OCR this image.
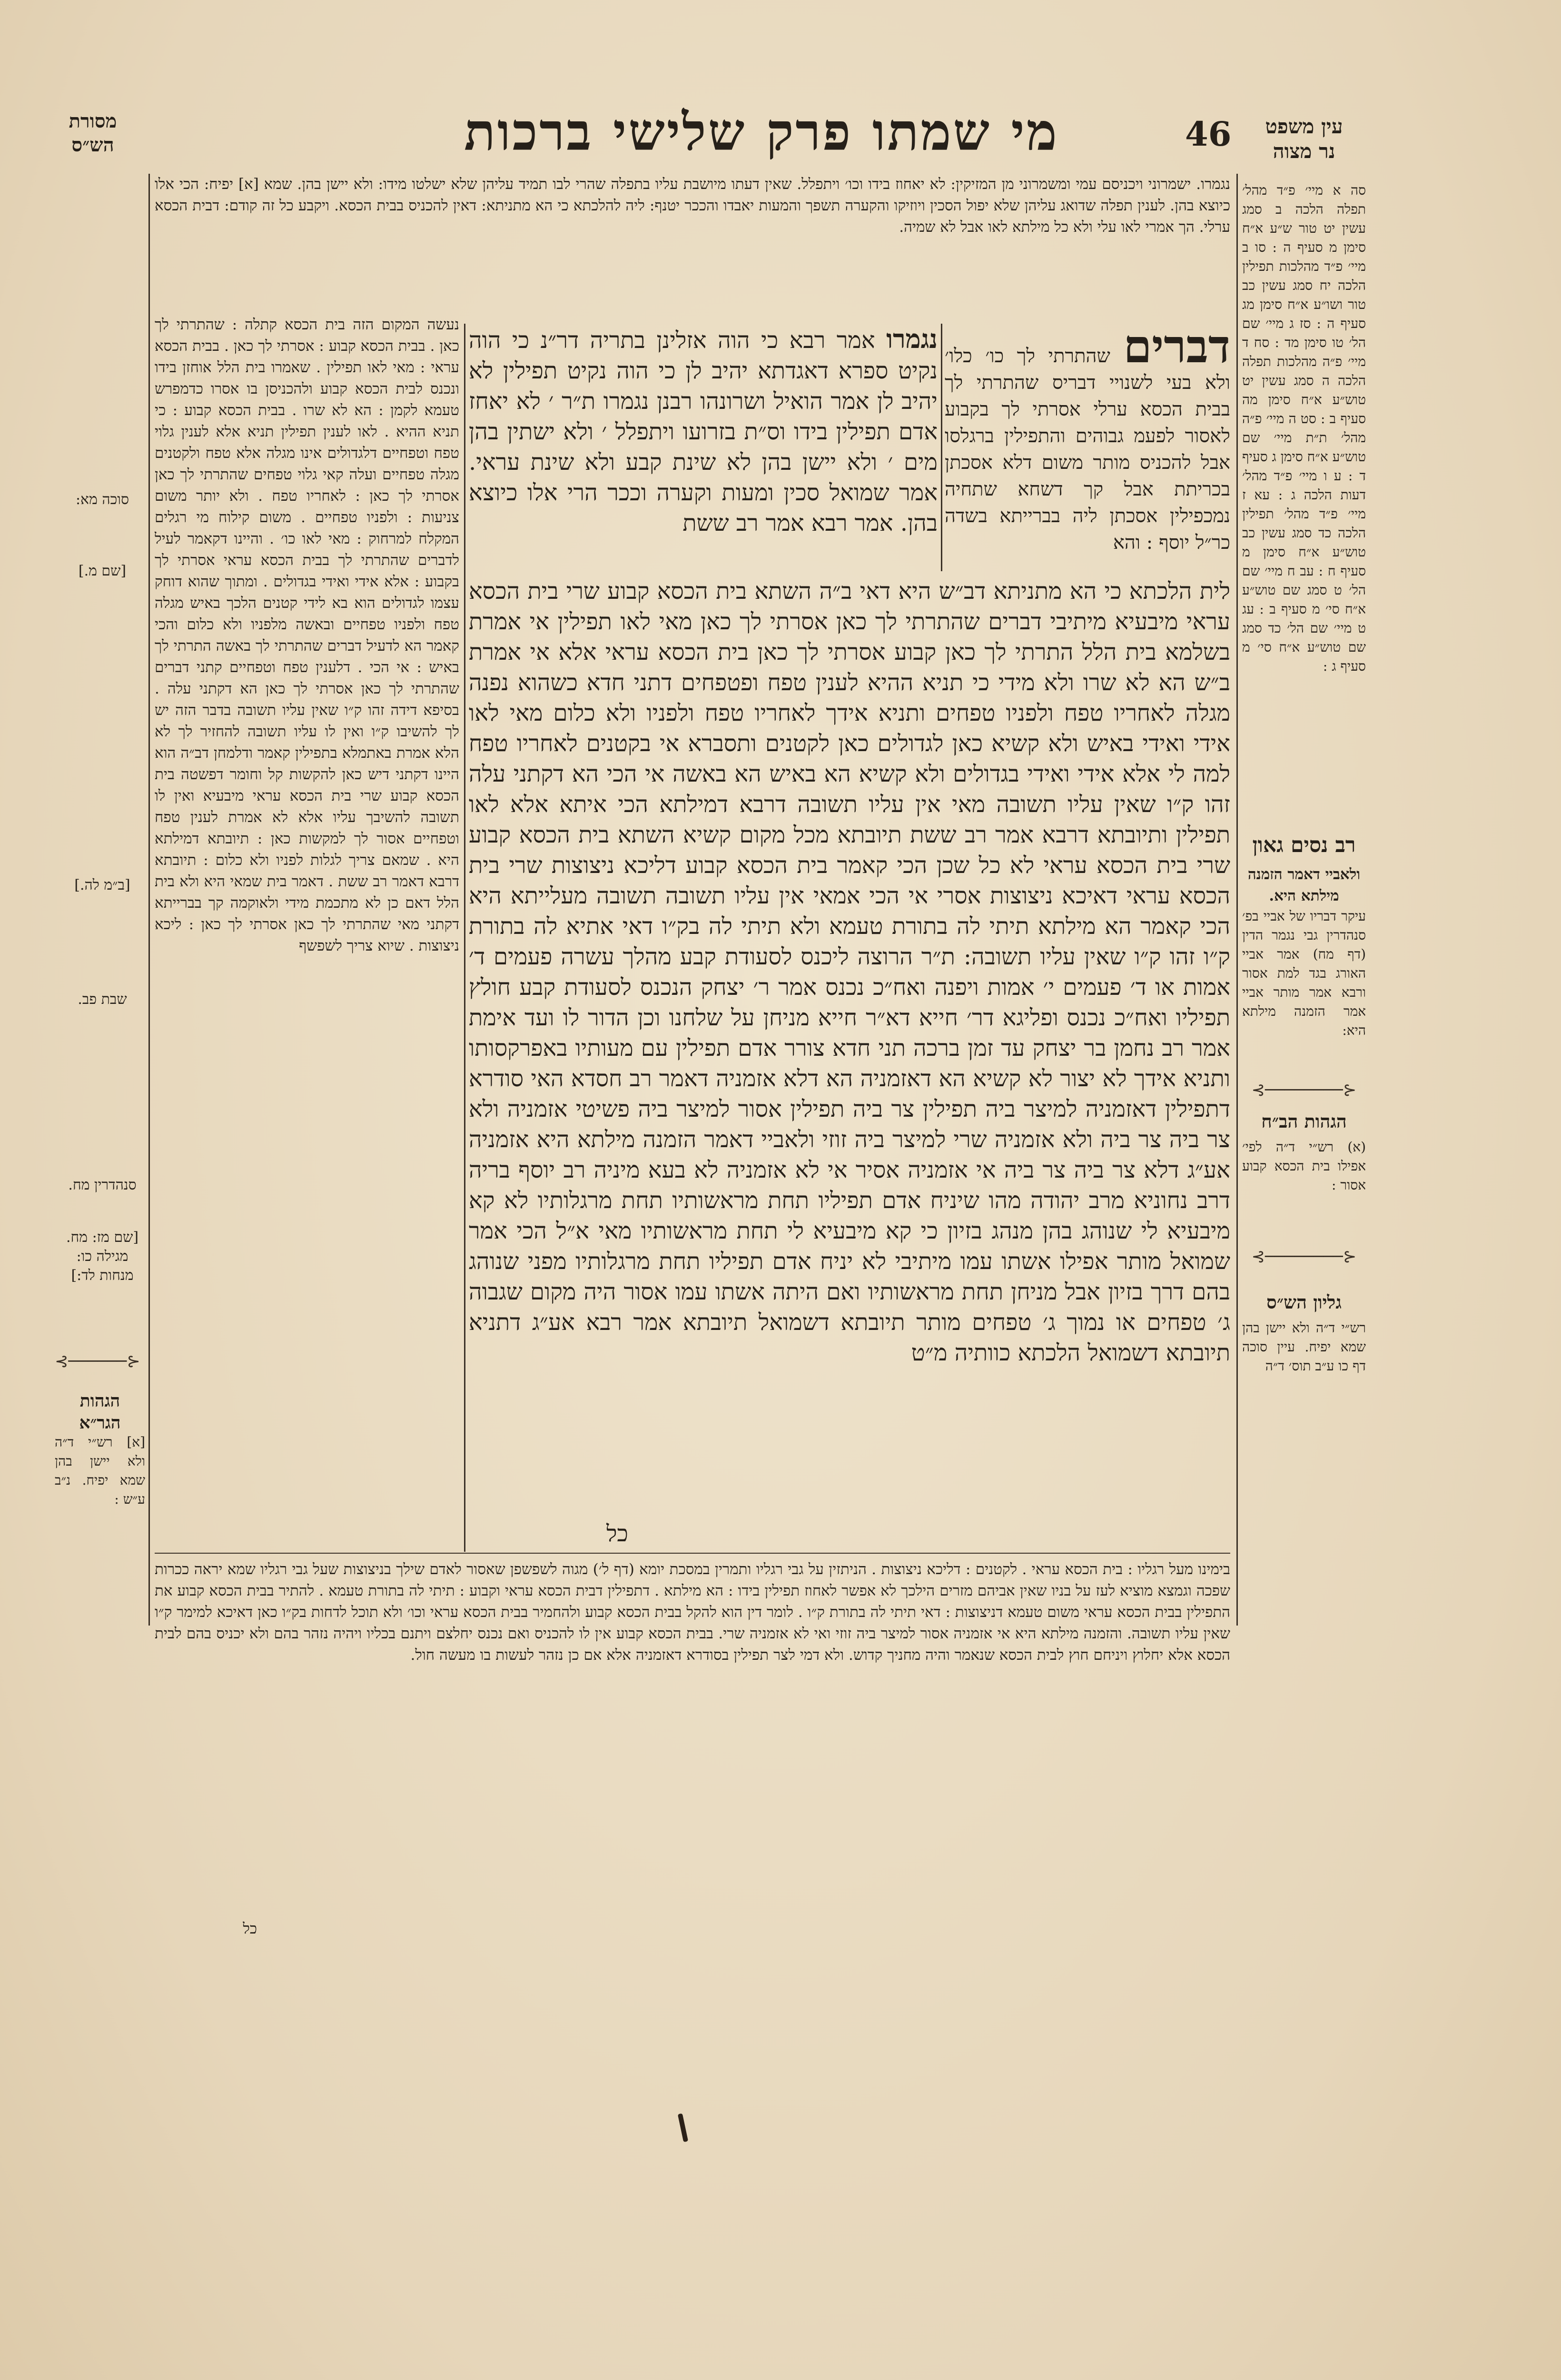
מסורת
הש״ס	מי שמתו פרק שלישי ברכות	46	עין משפט
נר מצוה
נגמרו. ישמרוני ויכניסם עמי ומשמרוני מן המזיקין: לא יאחוז בידו וכו׳ ויתפלל. שאין דעתו מיושבת עליו בתפלה שהרי לבו תמיד עליהן שלא ישלטו מידו: ולא יישן בהן. שמא [א] יפיח: הכי אלו כיוצא בהן. לענין תפלה שדואג עליהן שלא יפול הסכין ויוזיקו והקערה תשפך והמעות יאבדו והככר יטנף: ליה להלכתא כי הא מתניתא: דאין להכניס בבית הכסא. ויקבע כל זה קודם: דבית הכסא ערלי. הך אמרי לאו עלי ולא כל מילתא לאו אבל לא שמיה.
דברים שהתרתי לך כו׳ כלו׳ ולא בעי לשנויי דבריס שהתרתי לך בבית הכסא ערלי אסרתי לך בקבוע לאסור לפעמ גבוהים והתפילין ברגלסו אבל להכניס מותר משום דלא אסכתן בכריתת אבל קך דשחא שתחיה נמכפילין אסכתן ליה בברייתא בשדה כר״ל יוסף : והא
נגמרו אמר רבא כי הוה אזלינן בתריה דר״נ כי הוה נקיט ספרא דאגדתא יהיב לן כי הוה נקיט תפילין לא יהיב לן אמר הואיל ושרונהו רבנן נגמרו ת״ר ׳ לא יאחז אדם תפילין בידו וס״ת בזרועו ויתפלל ׳ ולא ישתין בהן מים ׳ ולא יישן בהן לא שינת קבע ולא שינת עראי. אמר שמואל סכין ומעות וקערה וככר הרי אלו כיוצא בהן. אמר רבא אמר רב ששת
לית הלכתא כי הא מתניתא דב״ש היא דאי ב״ה השתא בית הכסא קבוע שרי בית הכסא עראי מיבעיא מיתיבי דברים שהתרתי לך כאן אסרתי לך כאן מאי לאו תפילין אי אמרת בשלמא בית הלל התרתי לך כאן קבוע אסרתי לך כאן בית הכסא עראי אלא אי אמרת ב״ש הא לא שרו ולא מידי כי תניא ההיא לענין טפח ופטפחים דתני חדא כשהוא נפנה מגלה לאחריו טפח ולפניו טפחים ותניא אידך לאחריו טפח ולפניו ולא כלום מאי לאו אידי ואידי באיש ולא קשיא כאן לגדולים כאן לקטנים ותסברא אי בקטנים לאחריו טפח למה לי אלא אידי ואידי בגדולים ולא קשיא הא באיש הא באשה אי הכי הא דקתני עלה זהו ק״ו שאין עליו תשובה מאי אין עליו תשובה דרבא דמילתא הכי איתא אלא לאו תפילין ותיובתא דרבא אמר רב ששת תיובתא מכל מקום קשיא השתא בית הכסא קבוע שרי בית הכסא עראי לא כל שכן הכי קאמר בית הכסא קבוע דליכא ניצוצות שרי בית הכסא עראי דאיכא ניצוצות אסרי אי הכי אמאי אין עליו תשובה תשובה מעלייתא היא הכי קאמר הא מילתא תיתי לה בתורת טעמא ולא תיתי לה בק״ו דאי אתיא לה בתורת ק״ו זהו ק״ו שאין עליו תשובה: ת״ר הרוצה ליכנס לסעודת קבע מהלך עשרה פעמים ד׳ אמות או ד׳ פעמים י׳ אמות ויפנה ואח״כ נכנס אמר ר׳ יצחק הנכנס לסעודת קבע חולץ תפיליו ואח״כ נכנס ופליגא דר׳ חייא דא״ר חייא מניחן על שלחנו וכן הדור לו ועד אימת אמר רב נחמן בר יצחק עד זמן ברכה תני חדא צורר אדם תפילין עם מעותיו באפרקסותו ותניא אידך לא יצור לא קשיא הא דאזמניה הא דלא אזמניה דאמר רב חסדא האי סודרא דתפילין דאזמניה למיצר ביה תפילין צר ביה תפילין אסור למיצר ביה פשיטי אזמניה ולא צר ביה צר ביה ולא אזמניה שרי למיצר ביה זוזי ולאביי דאמר הזמנה מילתא היא אזמניה אע״ג דלא צר ביה צר ביה אי אזמניה אסיר אי לא אזמניה לא בעא מיניה רב יוסף בריה דרב נחוניא מרב יהודה מהו שיניח אדם תפיליו תחת מראשותיו תחת מרגלותיו לא קא מיבעיא לי שנוהג בהן מנהג בזיון כי קא מיבעיא לי תחת מראשותיו מאי א״ל הכי אמר שמואל מותר אפילו אשתו עמו מיתיבי לא יניח אדם תפיליו תחת מרגלותיו מפני שנוהג בהם דרך בזיון אבל מניחן תחת מראשותיו ואם היתה אשתו עמו אסור היה מקום שגבוה ג׳ טפחים או נמוך ג׳ טפחים מותר תיובתא דשמואל תיובתא אמר רבא אע״ג דתניא תיובתא דשמואל הלכתא כוותיה מ״ט
כל
נעשה המקום הזה בית הכסא קתלה : שהתרתי לך כאן . בבית הכסא קבוע : אסרתי לך כאן . בבית הכסא עראי : מאי לאו תפילין . שאמרו בית הלל אוחזן בידו ונכנס לבית הכסא קבוע ולהכניסן בו אסרו כדמפרש טעמא לקמן : הא לא שרו . בבית הכסא קבוע : כי תניא ההיא . לאו לענין תפילין תניא אלא לענין גלוי טפח וטפחיים דלגדולים אינו מגלה אלא טפח ולקטנים מגלה טפחיים ועלה קאי גלוי טפחים שהתרתי לך כאן אסרתי לך כאן : לאחריו טפח . ולא יותר משום צניעות : ולפניו טפחיים . משום קילוח מי רגלים המקלח למרחוק : מאי לאו כו׳ . והיינו דקאמר לעיל לדברים שהתרתי לך בבית הכסא עראי אסרתי לך בקבוע : אלא אידי ואידי בגדולים . ומתוך שהוא דוחק עצמו לגדולים הוא בא לידי קטנים הלכך באיש מגלה טפח ולפניו טפחיים ובאשה מלפניו ולא כלום והכי קאמר הא לדעיל דברים שהתרתי לך באשה התרתי לך באיש : אי הכי . דלענין טפח וטפחיים קתני דברים שהתרתי לך כאן אסרתי לך כאן הא דקתני עלה . בסיפא דידה זהו ק״ו שאין עליו תשובה בדבר הזה יש לך להשיבו ק״ו ואין לו עליו תשובה להחזיר לך לא הלא אמרת באתמלא בתפילין קאמר ודלמחן דב״ה הוא היינו דקתני דיש כאן להקשות קל וחומר דפשטה בית הכסא קבוע שרי בית הכסא עראי מיבעיא ואין לו תשובה להשיבך עליו אלא לא אמרת לענין טפח וטפחיים אסור לך למקשות כאן : תיובתא דמילתא היא . שמאם צריך לגלות לפניו ולא כלום : תיובתא דרבא דאמר רב ששת . דאמר בית שמאי היא ולא בית הלל דאם כן לא מתכמת מידי ולאוקמה קך בברייתא דקתני מאי שהתרתי לך כאן אסרתי לך כאן : ליכא ניצוצות . שיוא צריך לשפשף
סה א מיי׳ פ״ד מהל׳ תפלה הלכה ב סמג עשין יט טור ש״ע א״ח סימן מ סעיף ה : סו ב מיי׳ פ״ד מהלכות תפילין הלכה יח סמג עשין כב טור ושו״ע א״ח סימן מג סעיף ה : סז ג מיי׳ שם הל׳ טו סימן מד : סח ד מיי׳ פ״ה מהלכות תפלה הלכה ה סמג עשין יט טוש״ע א״ח סימן מה סעיף ב : סט ה מיי׳ פ״ה מהל׳ ת״ת מיי׳ שם טוש״ע א״ח סימן ג סעיף ד : ע ו מיי׳ פ״ד מהל׳ דעות הלכה ג : עא ז מיי׳ פ״ד מהל׳ תפילין הלכה כד סמג עשין כב טוש״ע א״ח סימן מ סעיף ח : עב ח מיי׳ שם הל׳ ט סמג שם טוש״ע א״ח סי׳ מ סעיף ב : עג ט מיי׳ שם הל׳ כד סמג שם טוש״ע א״ח סי׳ מ סעיף ג :
רב נסים גאון
ולאביי דאמר הזמנה מילתא היא.
עיקר דבריו של אביי בפ׳ סנהדרין גבי נגמר הדין (דף מח) אמר אביי האורג בגד למת אסור ורבא אמר מותר אביי אמר הזמנה מילתא היא:
⊰────────⊱
הגהות הב״ח
(א) רש״י ד״ה לפי׳ אפילו בית הכסא קבוע אסור :
⊰────────⊱
גליון הש״ס
רש״י ד״ה ולא יישן בהן שמא יפיח. עיין סוכה דף כו ע״ב תוס׳ ד״ה
סוכה מא:
[שם מ.]
[ב״מ לה.]
שבת פב.
סנהדרין מח.
[שם מז: מח. מגילה כו: מנחות לד:]
⊰──────⊱
הגהות הגר״א
[א] רש״י ד״ה ולא יישן בהן שמא יפיח. נ״ב ע״ש :
בימינו מעל רגליו : בית הכסא עראי . לקטנים : דליכא ניצוצות . הניתזין על גבי רגליו ותמרין במסכת יומא (דף ל׳) מגוה לשפשפן שאסור לאדם שילך בניצוצות שעל גבי רגליו שמא יראה ככרות שפכה וגמצא מוציא לעז על בניו שאין אביהם מזרים הילכך לא אפשר לאחוז תפילין בידו : הא מילתא . דתפילין דבית הכסא עראי וקבוע : תיתי לה בתורת טעמא . להתיר בבית הכסא קבוע את התפילין בבית הכסא עראי משום טעמא דניצוצות : דאי תיתי לה בתורת ק״ו . לומר דין הוא להקל בבית הכסא קבוע ולהחמיר בבית הכסא עראי וכו׳ ולא תוכל לדחות בק״ו כאן דאיכא למימר ק״ו שאין עליו תשובה. והזמנה מילתא היא אי אזמניה אסור למיצר ביה זוזי ואי לא אזמניה שרי. בבית הכסא קבוע אין לו להכניס ואם נכנס יחלצם ויתנם בכליו ויהיה נזהר בהם ולא יכניס בהם לבית הכסא אלא יחלוץ ויניחם חוץ לבית הכסא שנאמר והיה מחניך קדוש. ולא דמי לצר תפילין בסודרא דאזמניה אלא אם כן נזהר לעשות בו מעשה חול.
כל
